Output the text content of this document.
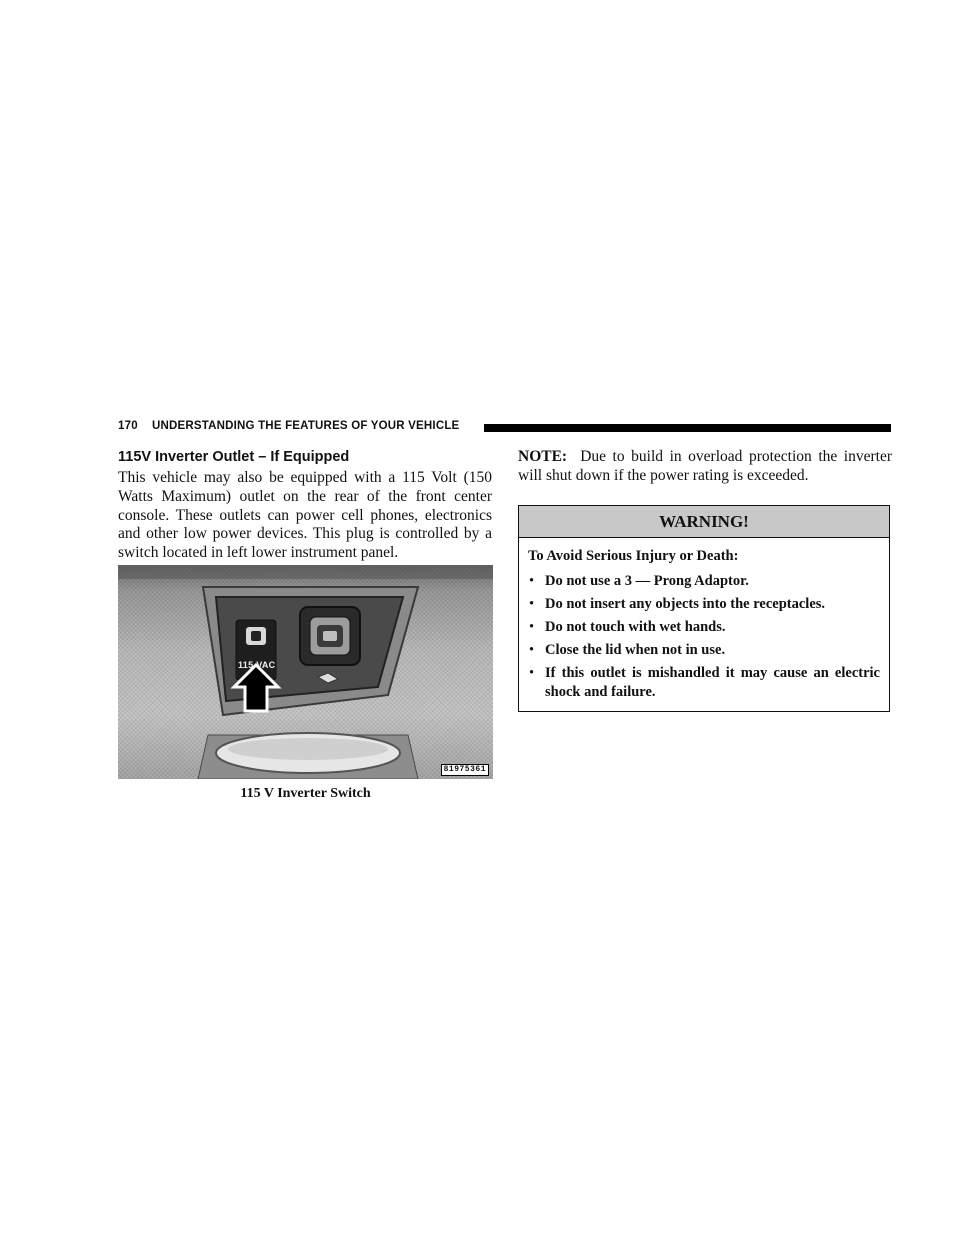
170 UNDERSTANDING THE FEATURES OF YOUR VEHICLE
115V Inverter Outlet – If Equipped

This vehicle may also be equipped with a 115 Volt (150 Watts Maximum) outlet on the rear of the front center console. These outlets can power cell phones, electronics and other low power devices. This plug is controlled by a switch located in left lower instrument panel.

115 VAC
81975361
115 V Inverter Switch

NOTE: Due to build in overload protection the inverter will shut down if the power rating is exceeded.

WARNING!

To Avoid Serious Injury or Death:

• Do not use a 3 — Prong Adaptor.
• Do not insert any objects into the receptacles.
• Do not touch with wet hands.
• Close the lid when not in use.
• If this outlet is mishandled it may cause an electric shock and failure.
